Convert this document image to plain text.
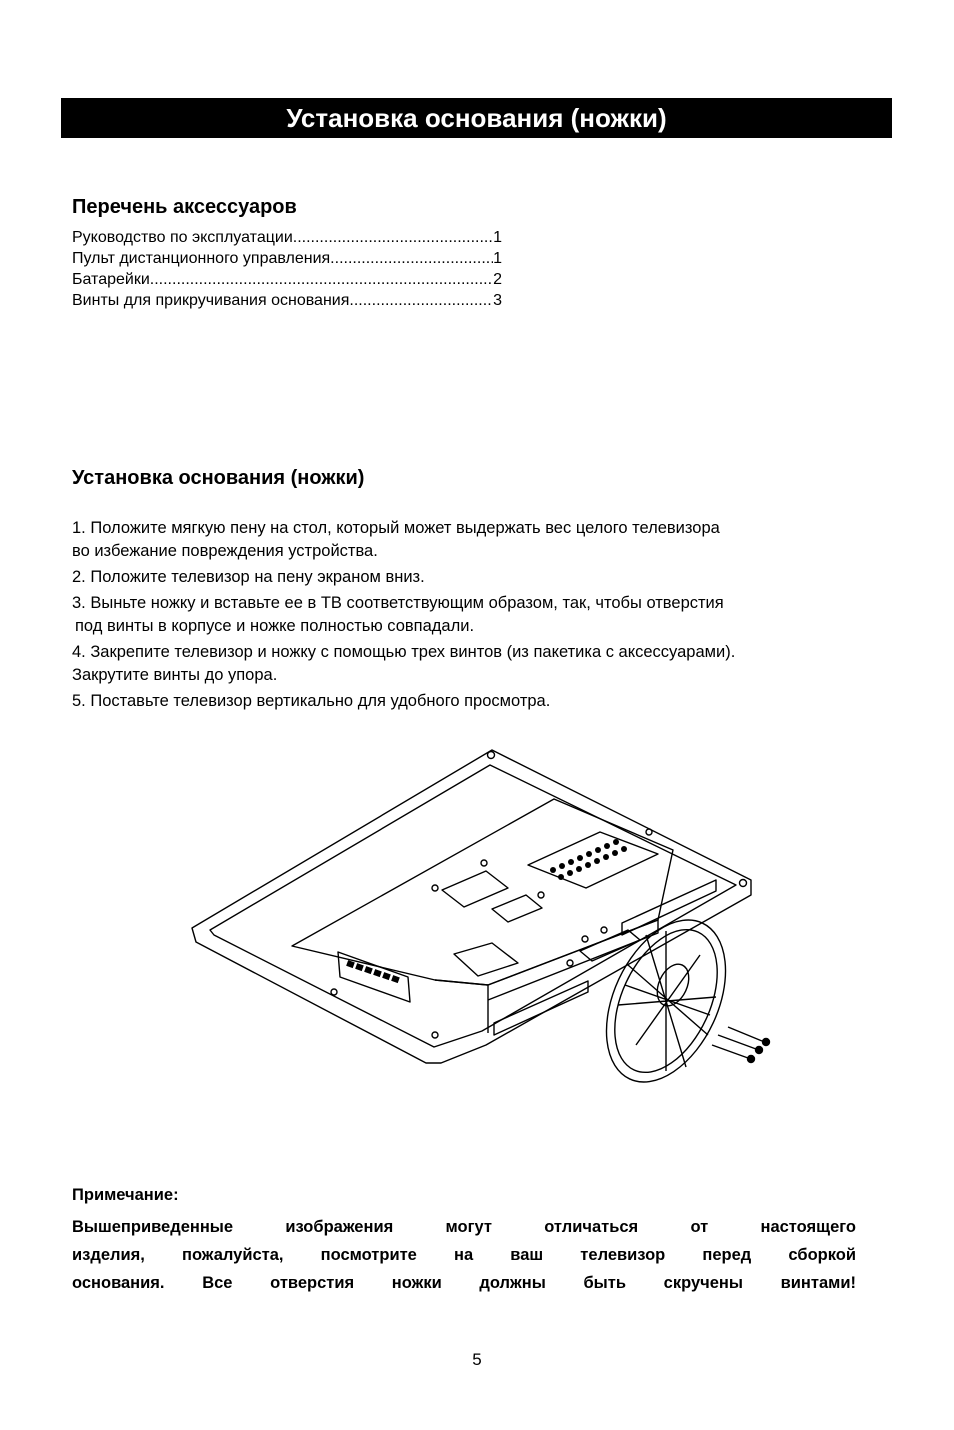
Установка основания (ножки)
Перечень аксессуаров
Руководство по эксплуатации .....	1
Пульт дистанционного управления .....	1
Батарейки .....	2
Винты для прикручивания основания .....	3
Установка основания (ножки)
1. Положите мягкую пену на стол, который может выдержать вес целого телевизора
во избежание повреждения устройства.
2. Положите телевизор на пену экраном вниз.
3. Выньте ножку и вставьте ее в ТВ соответствующим образом, так, чтобы отверстия
под винты в корпусе и ножке полностью совпадали.
4. Закрепите телевизор и ножку с помощью трех винтов (из пакетика с аксессуарами).
Закрутите винты до упора.
5. Поставьте телевизор вертикально для удобного просмотра.
Примечание:
Вышеприведенные изображения могут отличаться от настоящего
изделия, пожалуйста, посмотрите на ваш телевизор перед сборкой
основания. Все отверстия ножки должны быть скручены винтами!
5
